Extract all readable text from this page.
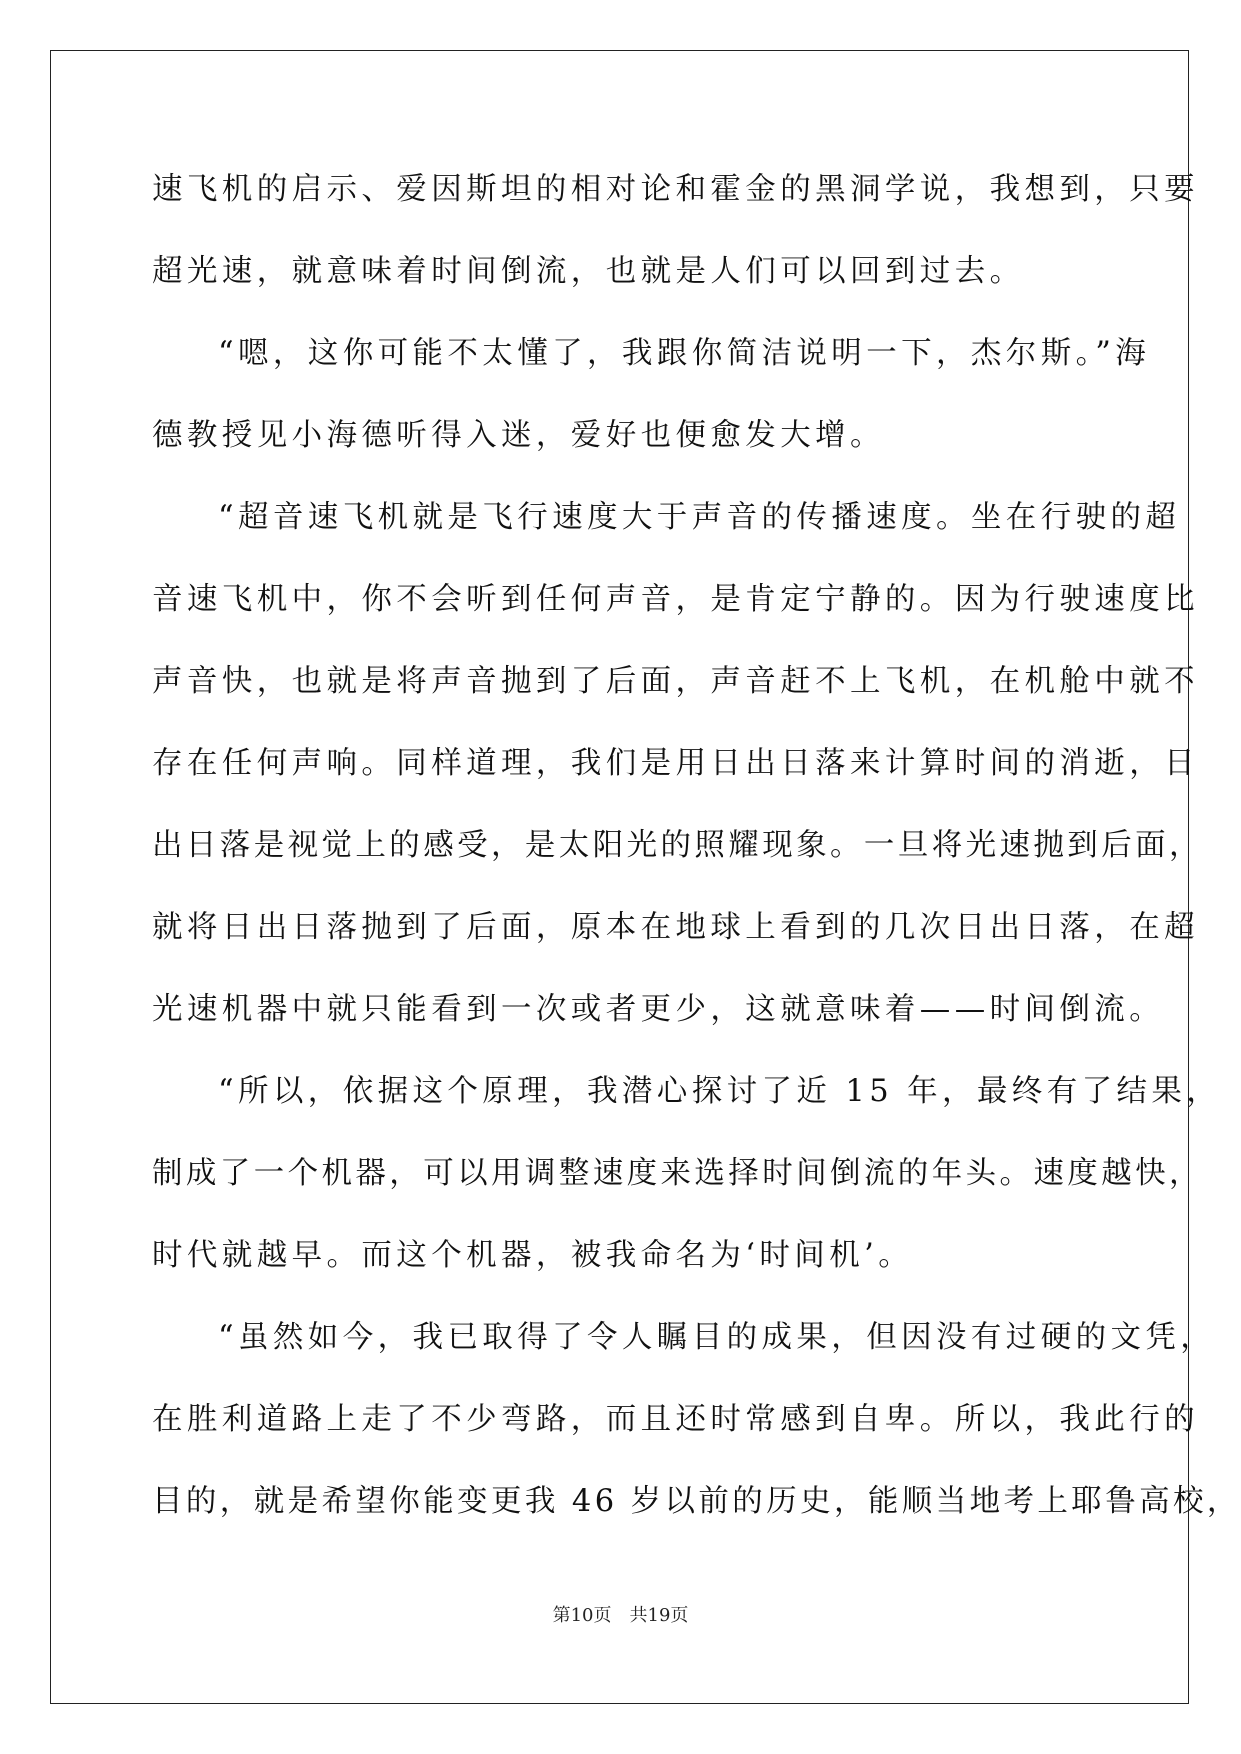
速飞机的启示、爱因斯坦的相对论和霍金的黑洞学说，我想到，只要
超光速，就意味着时间倒流，也就是人们可以回到过去。
“嗯，这你可能不太懂了，我跟你简洁说明一下，杰尔斯。”海
德教授见小海德听得入迷，爱好也便愈发大增。
“超音速飞机就是飞行速度大于声音的传播速度。坐在行驶的超
音速飞机中，你不会听到任何声音，是肯定宁静的。因为行驶速度比
声音快，也就是将声音抛到了后面，声音赶不上飞机，在机舱中就不
存在任何声响。同样道理，我们是用日出日落来计算时间的消逝，日
出日落是视觉上的感受，是太阳光的照耀现象。一旦将光速抛到后面，
就将日出日落抛到了后面，原本在地球上看到的几次日出日落，在超
光速机器中就只能看到一次或者更少，这就意味着——时间倒流。
“所以，依据这个原理，我潜心探讨了近 15 年，最终有了结果，
制成了一个机器，可以用调整速度来选择时间倒流的年头。速度越快，
时代就越早。而这个机器，被我命名为‘时间机’。
“虽然如今，我已取得了令人瞩目的成果，但因没有过硬的文凭，
在胜利道路上走了不少弯路，而且还时常感到自卑。所以，我此行的
目的，就是希望你能变更我 46 岁以前的历史，能顺当地考上耶鲁高校，
第10页 共19页
